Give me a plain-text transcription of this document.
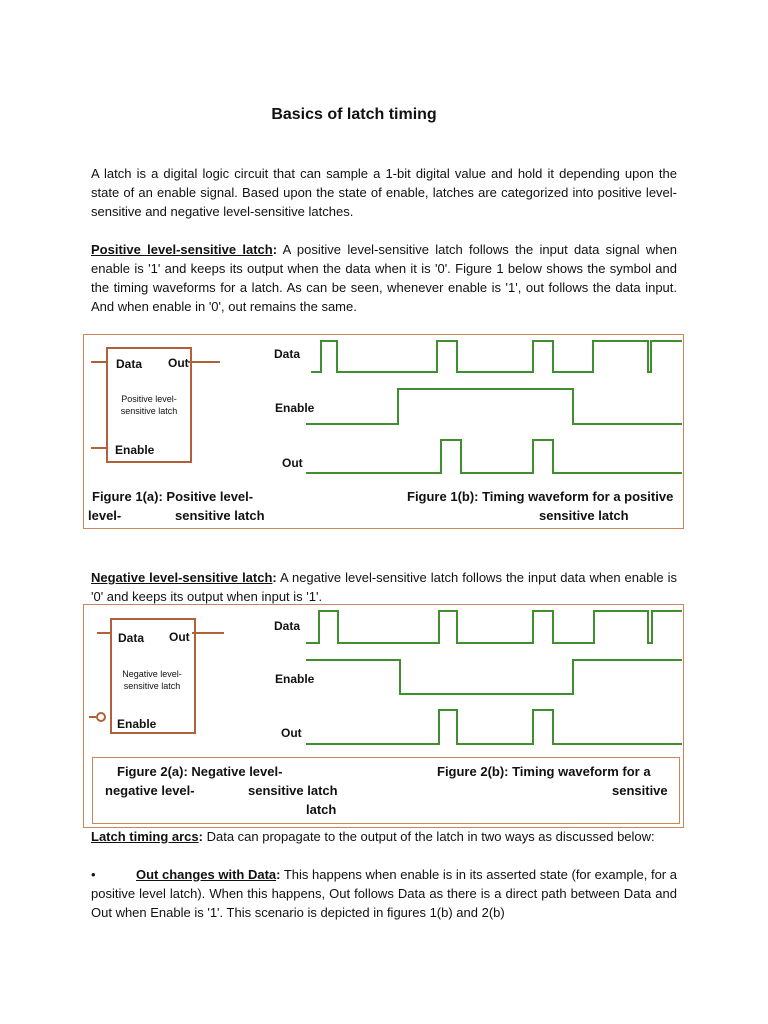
Basics of latch timing

A latch is a digital logic circuit that can sample a 1-bit digital value and hold it depending upon the state of an enable signal. Based upon the state of enable, latches are categorized into positive level-sensitive and negative level-sensitive latches.

Positive level-sensitive latch: A positive level-sensitive latch follows the input data signal when enable is '1' and keeps its output when the data when it is '0'. Figure 1 below shows the symbol and the timing waveforms for a latch. As can be seen, whenever enable is '1', out follows the data input. And when enable in '0', out remains the same.

Data Out
Positive level-
sensitive latch
Enable
Data
Enable
Out
Figure 1(a): Positive level-
level-	sensitive latch
Figure 1(b): Timing waveform for a positive
sensitive latch

Negative level-sensitive latch: A negative level-sensitive latch follows the input data when enable is '0' and keeps its output when input is '1'.

Data Out
Negative level-
sensitive latch
Enable
Data
Enable
Out
Figure 2(a): Negative level-
negative level-	sensitive latch
latch
Figure 2(b): Timing waveform for a
sensitive

Latch timing arcs: Data can propagate to the output of the latch in two ways as discussed below:

•	Out changes with Data: This happens when enable is in its asserted state (for example, for a positive level latch). When this happens, Out follows Data as there is a direct path between Data and Out when Enable is '1'. This scenario is depicted in figures 1(b) and 2(b)
